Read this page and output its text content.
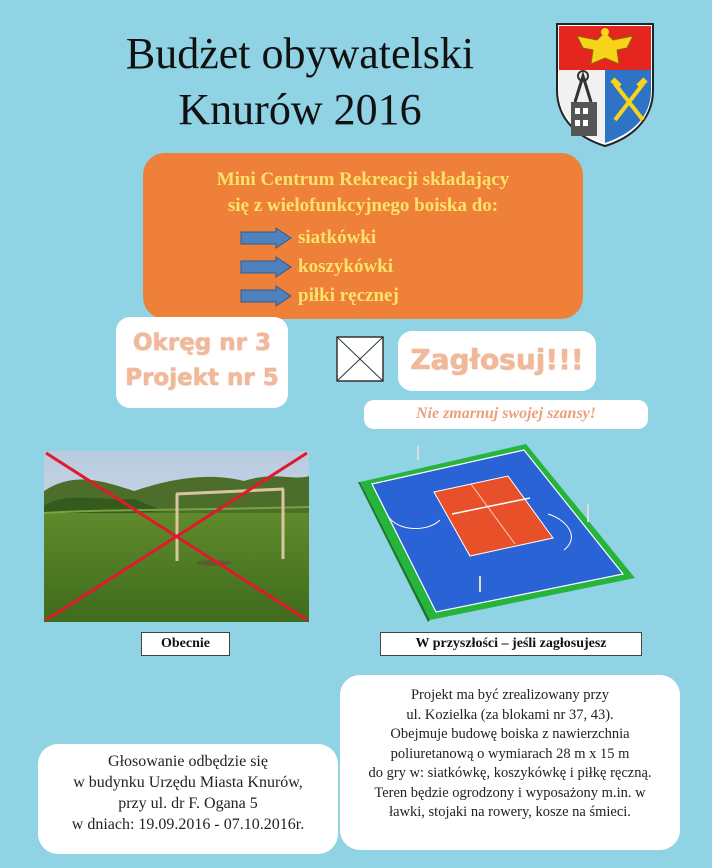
Budżet obywatelski
Knurów 2016
Mini Centrum Rekreacji składający
się z wielofunkcyjnego boiska do:
siatkówki
koszykówki
piłki ręcznej
Okręg nr 3
Projekt nr 5
Zagłosuj!!!
Nie zmarnuj swojej szansy!
Obecnie	W przyszłości – jeśli zagłosujesz
Projekt ma być zrealizowany przy
ul. Kozielka (za blokami nr 37, 43).
Obejmuje budowę boiska z nawierzchnia
poliuretanową o wymiarach 28 m x 15 m
do gry w: siatkówkę, koszykówkę i piłkę ręczną.
Teren będzie ogrodzony i wyposażony m.in. w
ławki, stojaki na rowery, kosze na śmieci.
Głosowanie odbędzie się
w budynku Urzędu Miasta Knurów,
przy ul. dr F. Ogana 5
w dniach: 19.09.2016 - 07.10.2016r.
